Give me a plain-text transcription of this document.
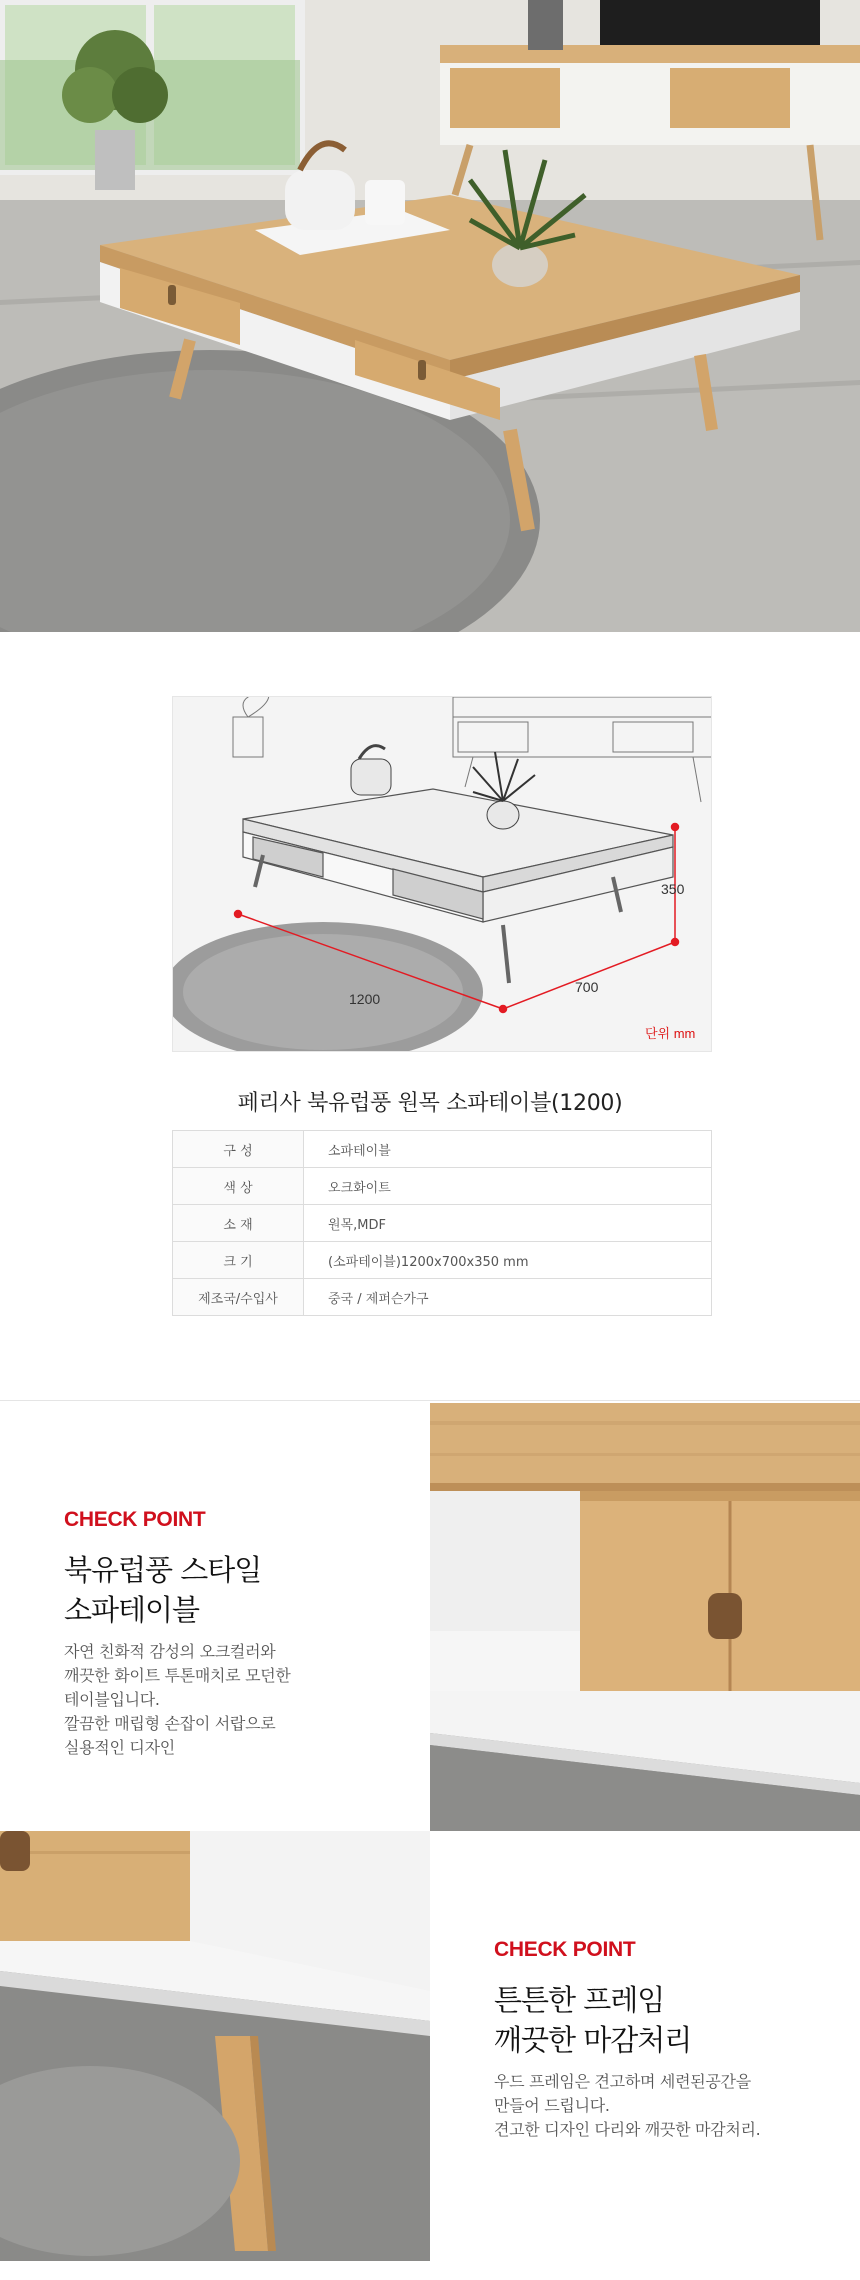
350
700
1200
단위 mm
페리사 북유럽풍 원목 소파테이블(1200)
구 성	소파테이블
색 상	오크화이트
소 재	원목,MDF
크 기	(소파테이블)1200x700x350 mm
제조국/수입사	중국 / 제퍼슨가구
CHECK POINT
북유럽풍 스타일
소파테이블
자연 친화적 감성의 오크컬러와
깨끗한 화이트 투톤매치로 모던한
테이블입니다.
깔끔한 매립형 손잡이 서랍으로
실용적인 디자인
CHECK POINT
튼튼한 프레임
깨끗한 마감처리
우드 프레임은 견고하며 세련된공간을
만들어 드립니다.
견고한 디자인 다리와 깨끗한 마감처리.
